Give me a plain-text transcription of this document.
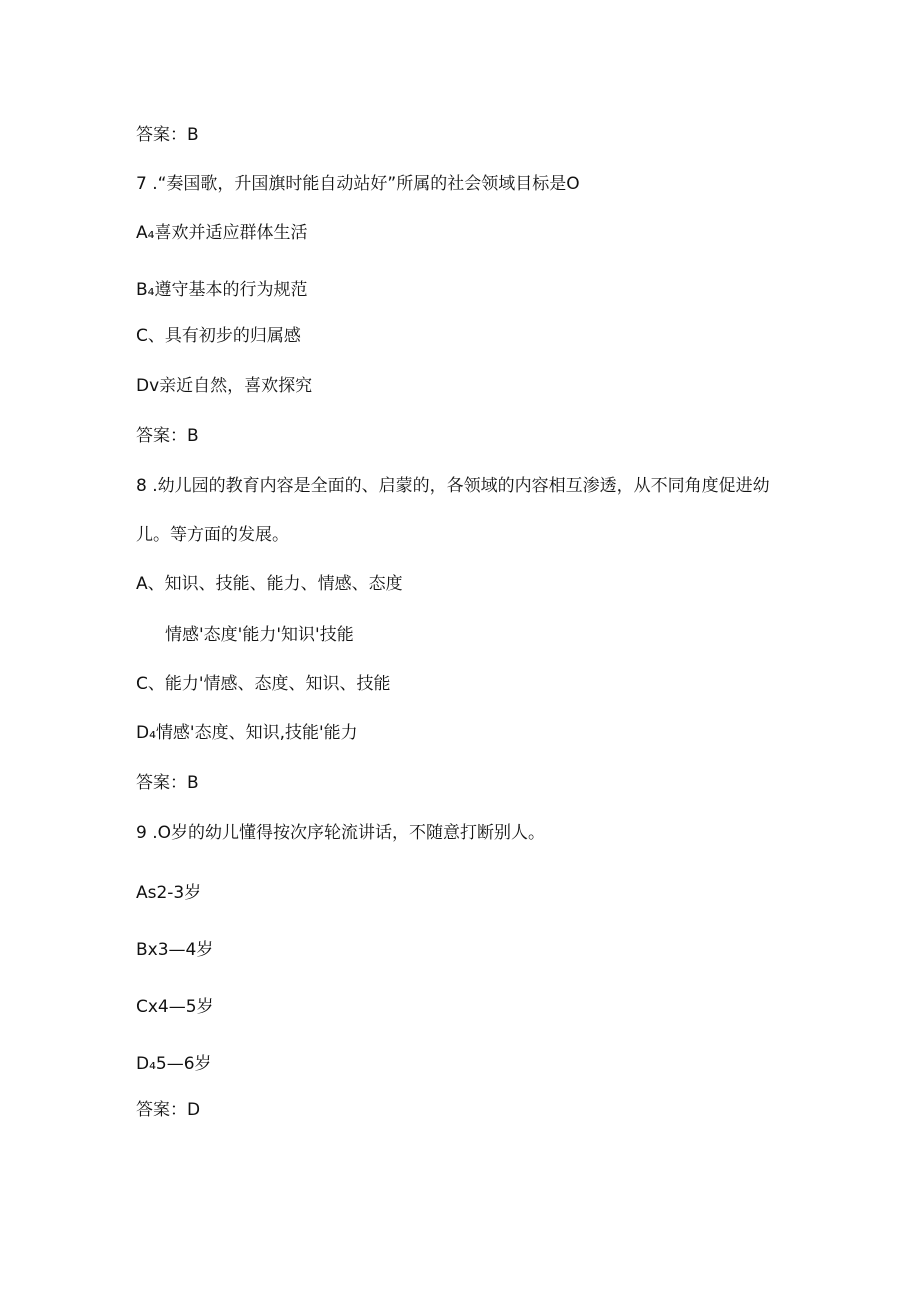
答案：B
7 .“奏国歌，升国旗时能自动站好”所属的社会领域目标是O
A₄喜欢并适应群体生活
B₄遵守基本的行为规范
C、具有初步的归属感
Dv亲近自然，喜欢探究
答案：B
8 .幼儿园的教育内容是全面的、启蒙的，各领域的内容相互渗透，从不同角度促进幼
儿。等方面的发展。
A、知识、技能、能力、情感、态度
情感'态度'能力'知识'技能
C、能力'情感、态度、知识、技能
D₄情感'态度、知识,技能'能力
答案：B
9 .O岁的幼儿懂得按次序轮流讲话，不随意打断别人。
As2-3岁
Bx3—4岁
Cx4—5岁
D₄5—6岁
答案：D
